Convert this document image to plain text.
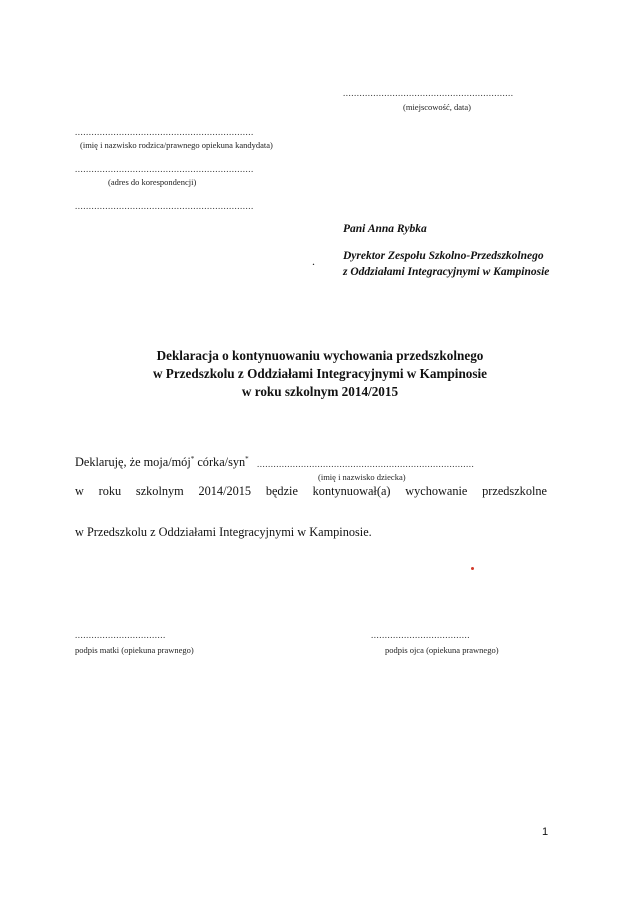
..............................................................
(miejscowość, data)
.................................................................
(imię i nazwisko rodzica/prawnego opiekuna kandydata)
.................................................................
(adres do korespondencji)
.................................................................
Pani Anna Rybka
Dyrektor Zespołu Szkolno-Przedszkolnego
.
z Oddziałami Integracyjnymi w Kampinosie
Deklaracja o kontynuowaniu wychowania przedszkolnego
w Przedszkolu z Oddziałami Integracyjnymi w Kampinosie
w roku szkolnym 2014/2015
Deklaruję, że moja/mój* córka/syn*
...............................................................................
(imię i nazwisko dziecka)
w roku szkolnym 2014/2015 będzie kontynuował(a) wychowanie przedszkolne
w Przedszkolu z Oddziałami Integracyjnymi w Kampinosie.
.................................
podpis matki (opiekuna prawnego)
....................................
podpis ojca (opiekuna prawnego)
1
